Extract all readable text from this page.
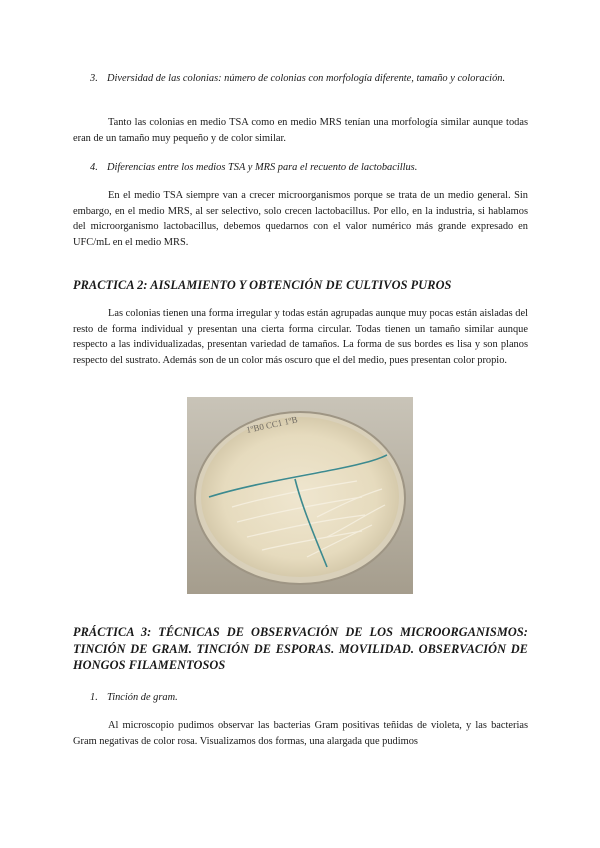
3. Diversidad de las colonias: número de colonias con morfología diferente, tamaño y coloración.

Tanto las colonias en medio TSA como en medio MRS tenían una morfología similar aunque todas eran de un tamaño muy pequeño y de color similar.

4. Diferencias entre los medios TSA y MRS para el recuento de lactobacillus.

En el medio TSA siempre van a crecer microorganismos porque se trata de un medio general. Sin embargo, en el medio MRS, al ser selectivo, solo crecen lactobacillus. Por ello, en la industria, si hablamos del microorganismo lactobacillus, debemos quedarnos con el valor numérico más grande expresado en UFC/mL en el medio MRS.

PRACTICA 2: AISLAMIENTO Y OBTENCIÓN DE CULTIVOS PUROS

Las colonias tienen una forma irregular y todas están agrupadas aunque muy pocas están aisladas del resto de forma individual y presentan una cierta forma circular. Todas tienen un tamaño similar aunque respecto a las individualizadas, presentan variedad de tamaños. La forma de sus bordes es lisa y son planos respecto del sustrato. Además son de un color más oscuro que el del medio, pues presentan color propio.

1ºB0 CC1 1ºB
PRÁCTICA 3: TÉCNICAS DE OBSERVACIÓN DE LOS MICROORGANISMOS: TINCIÓN DE GRAM. TINCIÓN DE ESPORAS. MOVILIDAD. OBSERVACIÓN DE HONGOS FILAMENTOSOS
1. Tinción de gram.

Al microscopio pudimos observar las bacterias Gram positivas teñidas de violeta, y las bacterias Gram negativas de color rosa. Visualizamos dos formas, una alargada que pudimos
